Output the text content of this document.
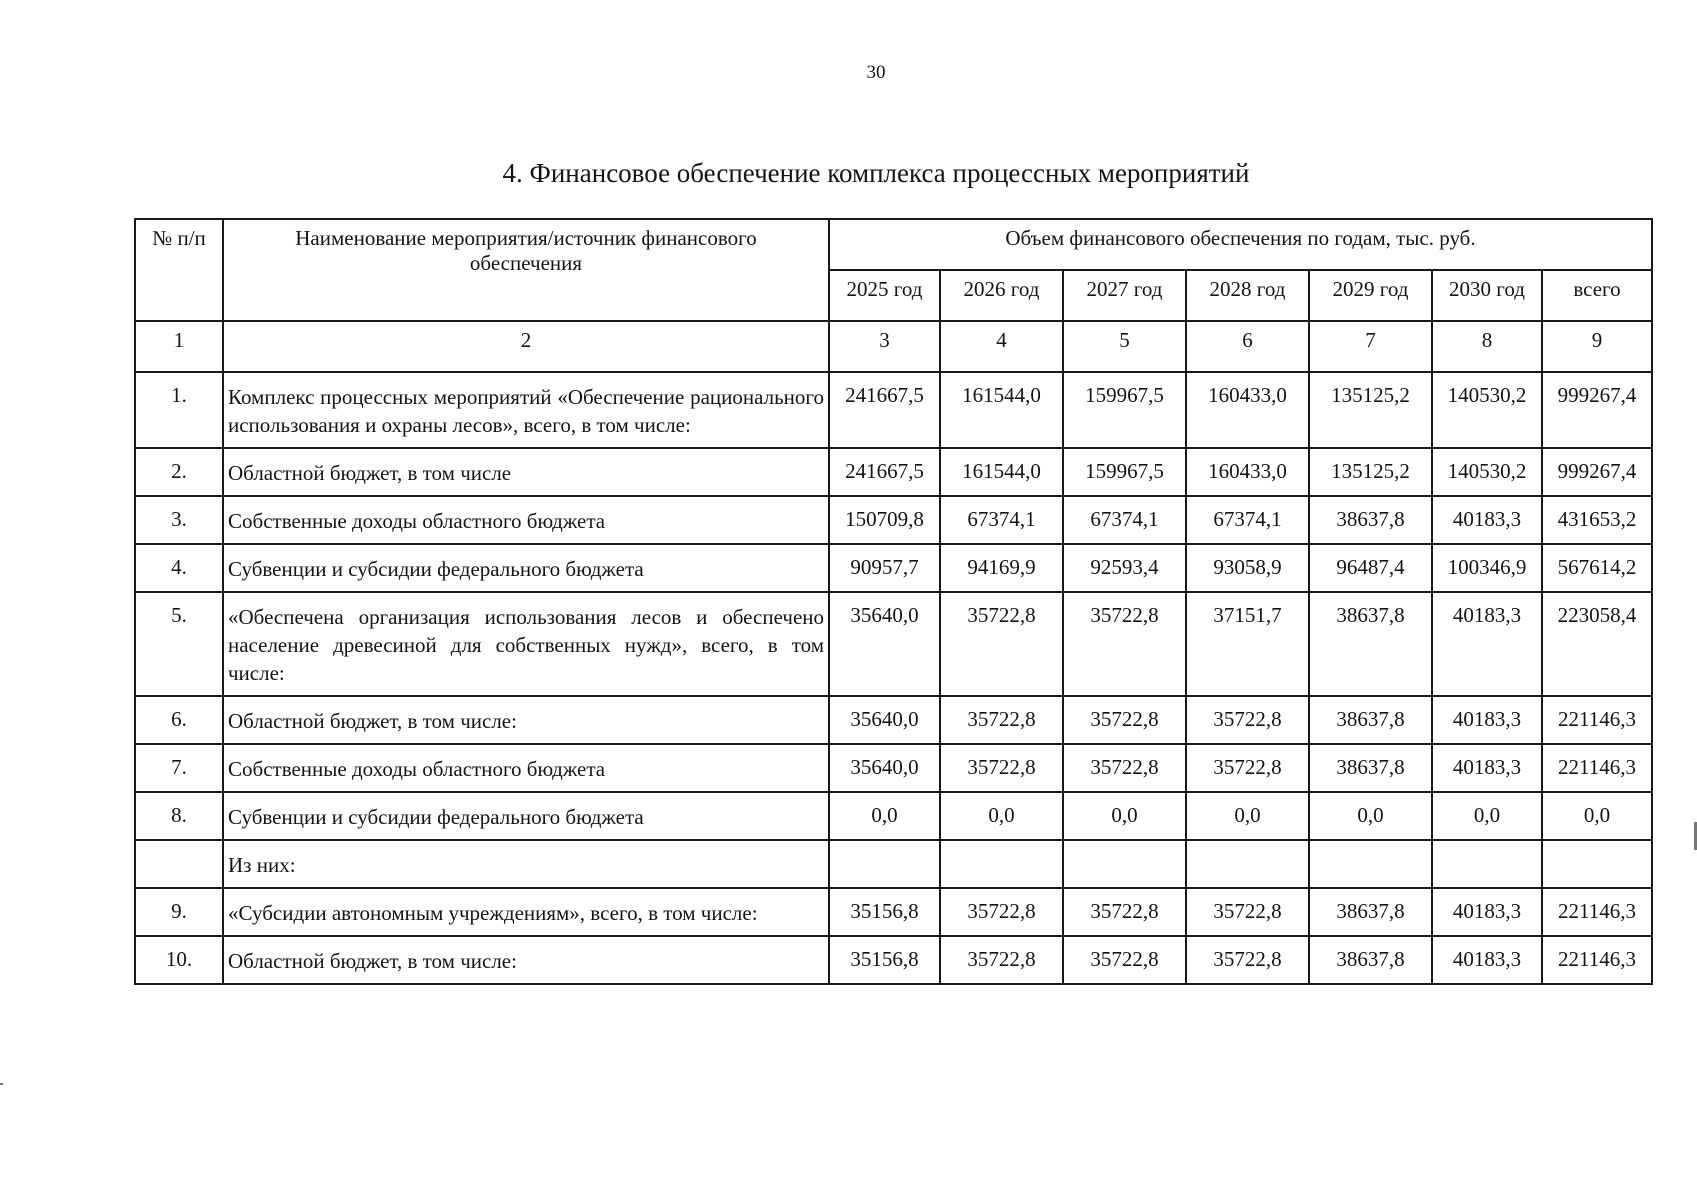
30
4. Финансовое обеспечение комплекса процессных мероприятий
№ п/п	Наименование мероприятия/источник финансового обеспечения	Объем финансового обеспечения по годам, тыс. руб.						
		2025 год	2026 год	2027 год	2028 год	2029 год	2030 год	всего
1	2	3	4	5	6	7	8	9
1.	Комплекс процессных мероприятий «Обеспечение рационального использования и охраны лесов», всего, в том числе:	241667,5	161544,0	159967,5	160433,0	135125,2	140530,2	999267,4
2.	Областной бюджет, в том числе	241667,5	161544,0	159967,5	160433,0	135125,2	140530,2	999267,4
3.	Собственные доходы областного бюджета	150709,8	67374,1	67374,1	67374,1	38637,8	40183,3	431653,2
4.	Субвенции и субсидии федерального бюджета	90957,7	94169,9	92593,4	93058,9	96487,4	100346,9	567614,2
5.	«Обеспечена организация использования лесов и обеспечено население древесиной для собственных нужд», всего, в том числе:	35640,0	35722,8	35722,8	37151,7	38637,8	40183,3	223058,4
6.	Областной бюджет, в том числе:	35640,0	35722,8	35722,8	35722,8	38637,8	40183,3	221146,3
7.	Собственные доходы областного бюджета	35640,0	35722,8	35722,8	35722,8	38637,8	40183,3	221146,3
8.	Субвенции и субсидии федерального бюджета	0,0	0,0	0,0	0,0	0,0	0,0	0,0
	Из них:							
9.	«Субсидии автономным учреждениям», всего, в том числе:	35156,8	35722,8	35722,8	35722,8	38637,8	40183,3	221146,3
10.	Областной бюджет, в том числе:	35156,8	35722,8	35722,8	35722,8	38637,8	40183,3	221146,3
